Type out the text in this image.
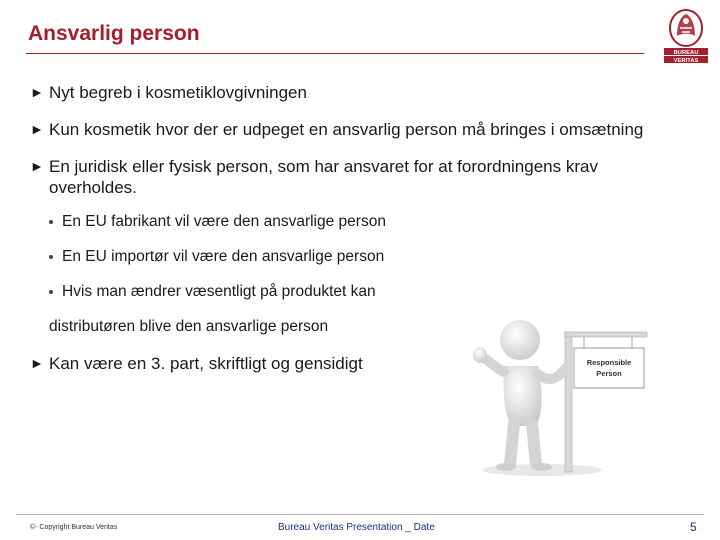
Ansvarlig person
BUREAU
VERITAS
► Nyt begreb i kosmetiklovgivningen
► Kun kosmetik hvor der er udpeget en ansvarlig person må bringes i omsætning
► En juridisk eller fysisk person, som har ansvaret for at forordningens krav overholdes.
En EU fabrikant vil være den ansvarlige person
En EU importør vil være den ansvarlige person
Hvis man ændrer væsentligt på produktet kan
distributøren blive den ansvarlige person
► Kan være en 3. part, skriftligt og gensidigt	Responsible
Person
©- Copyright Bureau Veritas	Bureau Veritas Presentation _ Date	5
